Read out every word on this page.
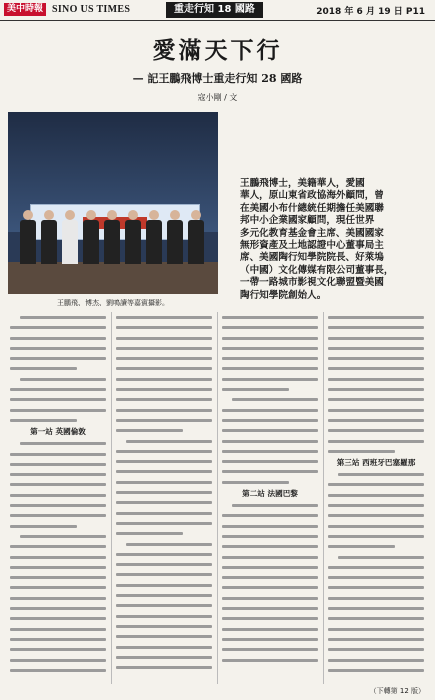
美中時報 SINO US TIMES	重走行知 18 國路	2018 年 6 月 19 日 P11
愛滿天下行
— 記王鵬飛博士重走行知 28 國路
寇小剛 / 文
王鵬飛、博杰、劉鳴讀等嘉賓攝影。
王鵬飛博士，美籍華人，愛國
華人，原山東省政協海外顧問，曾
在美國小布什總統任期擔任美國聯
邦中小企業國家顧問，現任世界
多元化教育基金會主席、美國國家
無形資產及土地認證中心董事局主
席、美國陶行知學院院長、好萊塢
（中國）文化傳媒有限公司董事長，
一帶一路城市影視文化聯盟暨美國
陶行知學院創始人。
第一站 英國倫敦
第二站 法國巴黎
第三站 西班牙巴塞羅那
（下轉第 12 版）
